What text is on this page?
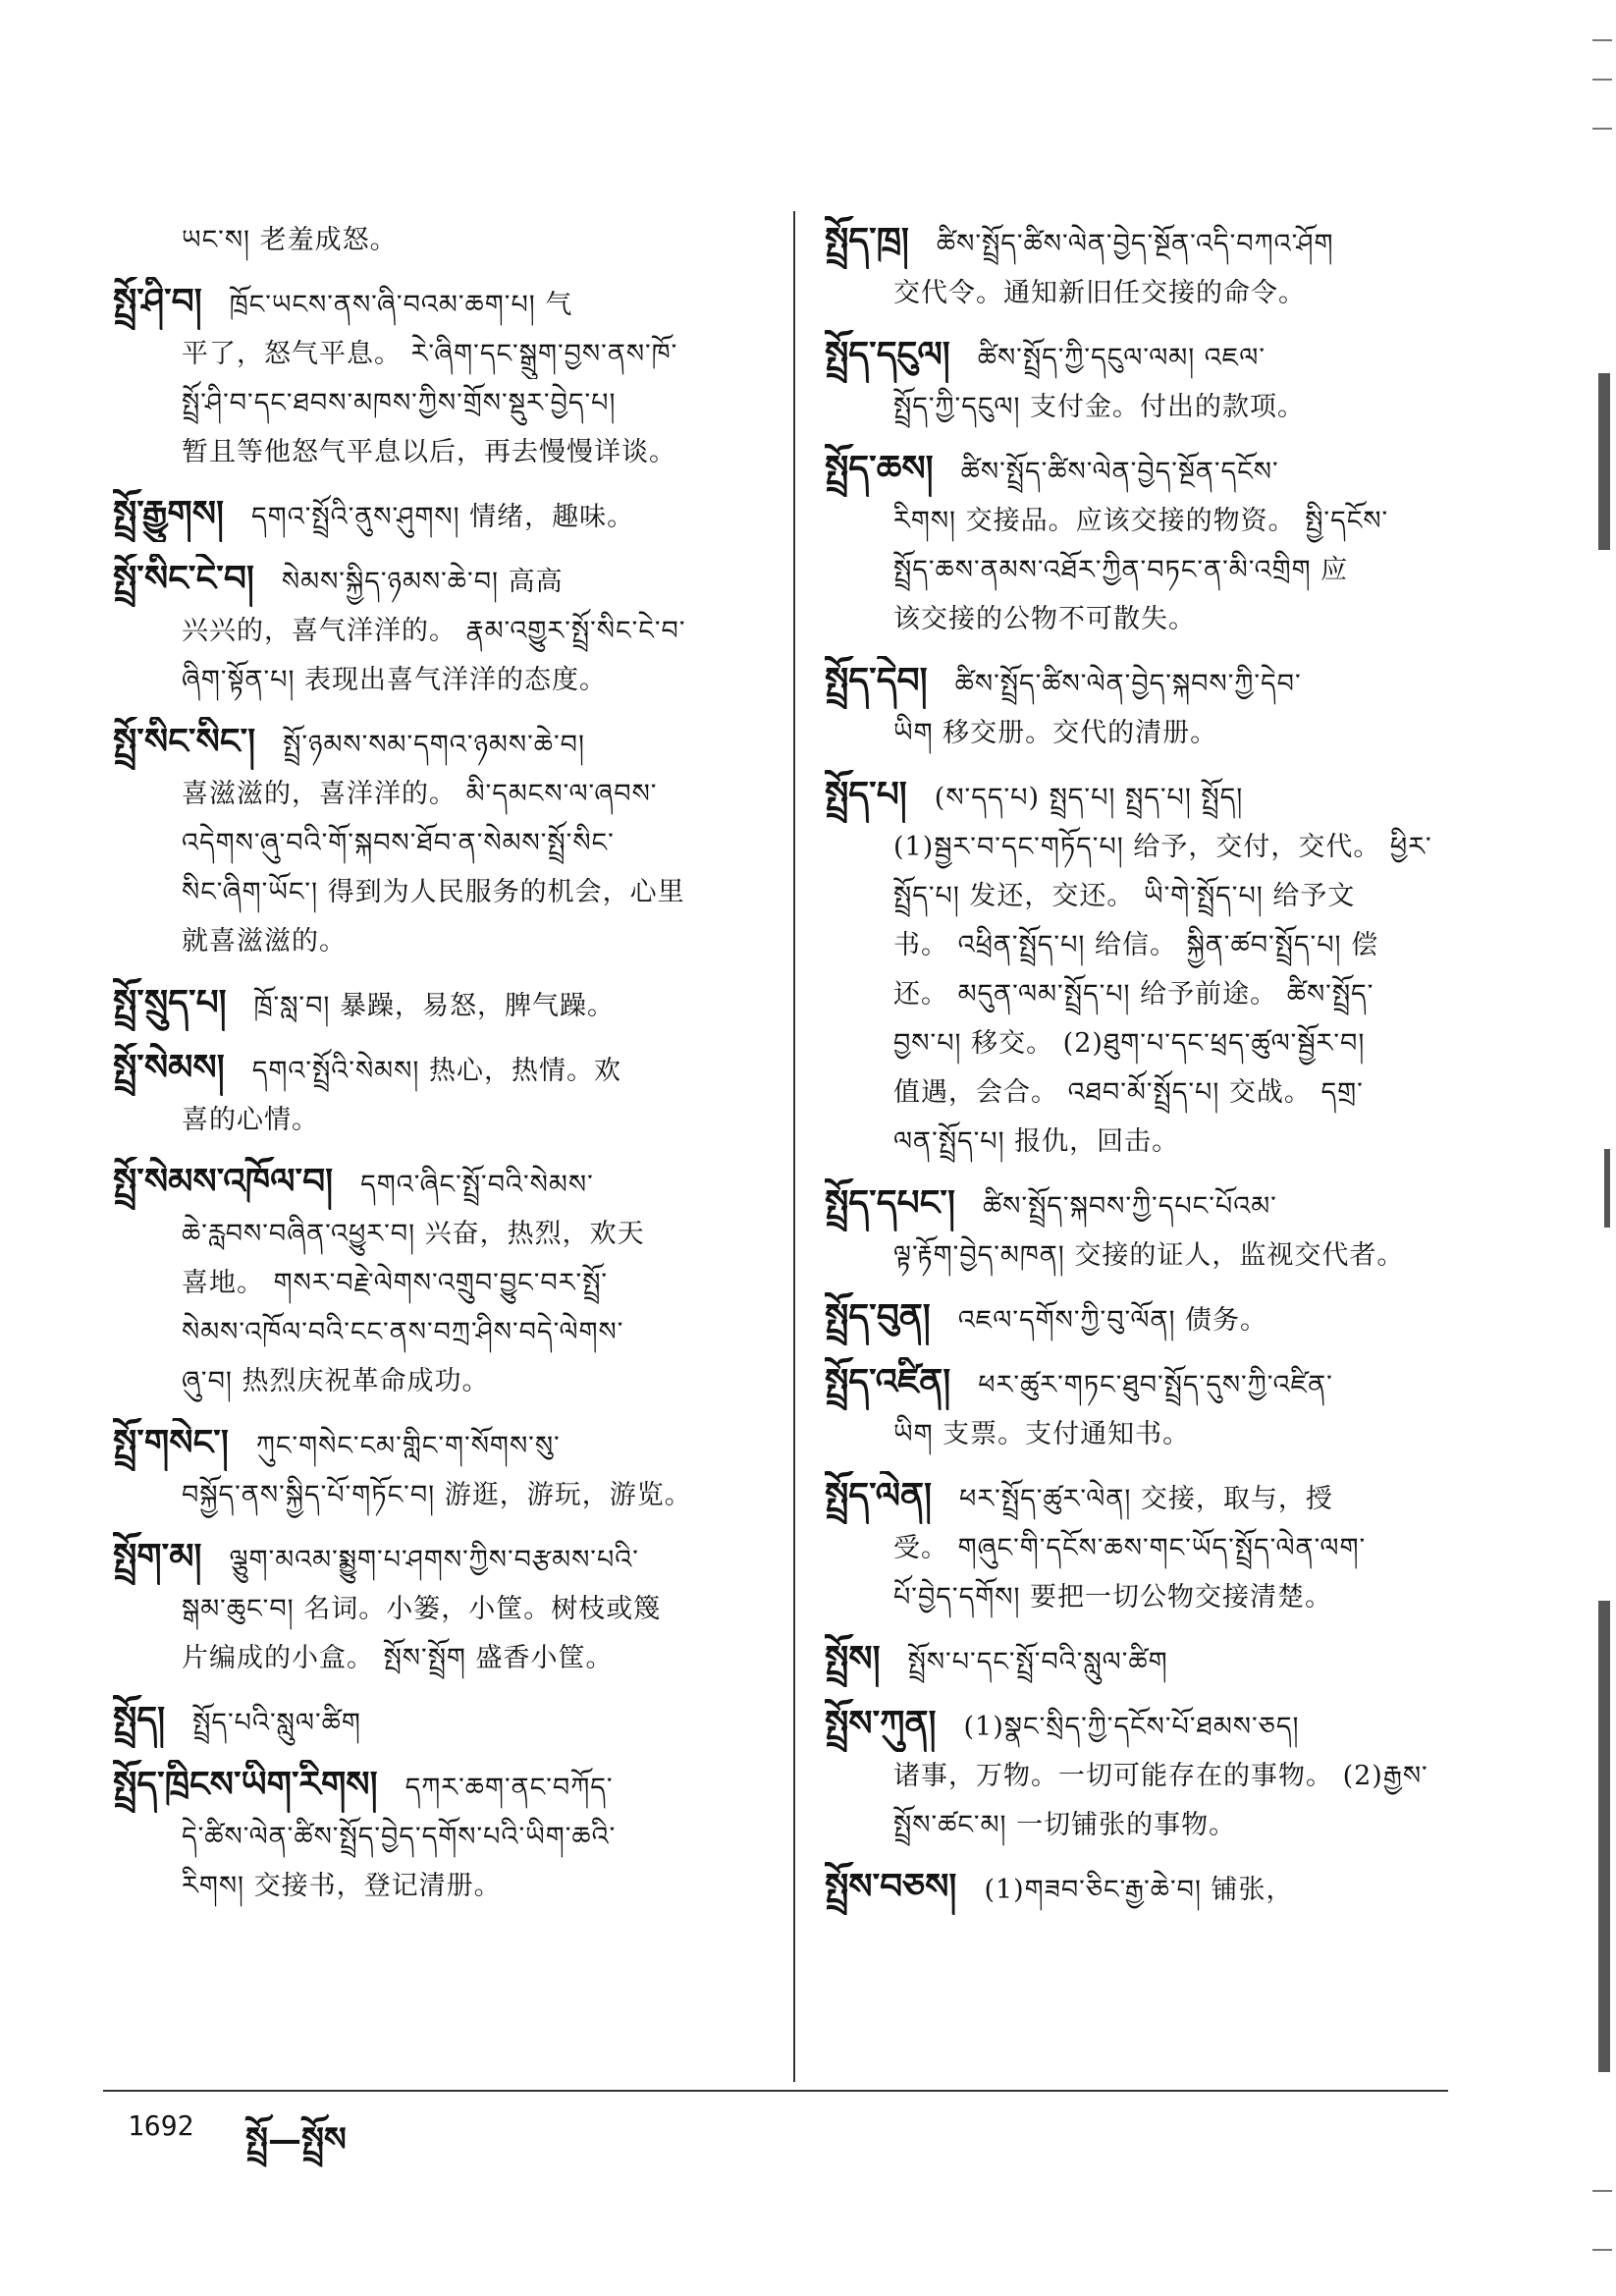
ཡང་ས། 老羞成怒。
སྤྲོ་ཤི་བ། ཁྲོང་ཡངས་ནས་ཞི་བའམ་ཆག་པ། 气
平了，怒气平息。 རེ་ཞིག་དང་སྒྲུག་བྱས་ནས་ཁོ་
སྤྲོ་ཤི་བ་དང་ཐབས་མཁས་ཀྱིས་གྲོས་སྡུར་བྱེད་པ།
暂且等他怒气平息以后，再去慢慢详谈。
སྤྲོ་རྒྱུགས། དགའ་སྤྲོའི་ནུས་ཤུགས། 情绪，趣味。
སྤྲོ་སིང་ངེ་བ། སེམས་སྐྱིད་ཉམས་ཆེ་བ། 高高
兴兴的，喜气洋洋的。 རྣམ་འགྱུར་སྤྲོ་སིང་ངེ་བ་
ཞིག་སྟོན་པ། 表现出喜气洋洋的态度。
སྤྲོ་སིང་སིང་། སྤྲོ་ཉམས་སམ་དགའ་ཉམས་ཆེ་བ།
喜滋滋的，喜洋洋的。 མི་དམངས་ལ་ཞབས་
འདེགས་ཞུ་བའི་གོ་སྐབས་ཐོབ་ན་སེམས་སྤྲོ་སིང་
སིང་ཞིག་ཡོང་། 得到为人民服务的机会，心里
就喜滋滋的。
སྤྲོ་སྲུད་པ། ཁྲོ་སླ་བ། 暴躁，易怒，脾气躁。
སྤྲོ་སེམས། དགའ་སྤྲོའི་སེམས། 热心，热情。欢
喜的心情。
སྤྲོ་སེམས་འཁོལ་བ། དགའ་ཞིང་སྤྲོ་བའི་སེམས་
ཆེ་རླབས་བཞིན་འཕྱུར་བ། 兴奋，热烈，欢天
喜地。 གསར་བརྗེ་ལེགས་འགྲུབ་བྱུང་བར་སྤྲོ་
སེམས་འཁོལ་བའི་ངང་ནས་བཀྲ་ཤིས་བདེ་ལེགས་
ཞུ་བ། 热烈庆祝革命成功。
སྤྲོ་གསེང་། ཀུང་གསེང་ངམ་གླིང་ག་སོགས་སུ་
བསྐྱོད་ནས་སྐྱིད་པོ་གཏོང་བ། 游逛，游玩，游览。
སྤྲོག་མ། ལྕུག་མའམ་སྨྱུག་པ་ཤགས་ཀྱིས་བརྩམས་པའི་
སྒམ་ཆུང་བ། 名词。小篓，小筐。树枝或篾
片编成的小盒。 སྤོས་སྤྲོག 盛香小筐。
སྤྲོད། སྤྲོད་པའི་སླུལ་ཚིག
སྤྲོད་ཁྲིངས་ཡིག་རིགས། དཀར་ཆག་ནང་བཀོད་
དེ་ཚིས་ལེན་ཚིས་སྤྲོད་བྱེད་དགོས་པའི་ཡིག་ཆའི་
རིགས། 交接书，登记清册。
སྤྲོད་ཁྲ། ཚིས་སྤྲོད་ཚིས་ལེན་བྱེད་སྔོན་འདི་བཀའ་ཤོག
交代令。通知新旧任交接的命令。
སྤྲོད་དངུལ། ཚིས་སྤྲོད་ཀྱི་དངུལ་ལམ། འཇལ་
སྤྲོད་ཀྱི་དངུལ། 支付金。付出的款项。
སྤྲོད་ཆས། ཚིས་སྤྲོད་ཚིས་ལེན་བྱེད་སྔོན་དངོས་
རིགས། 交接品。应该交接的物资。 སྤྱི་དངོས་
སྤྲོད་ཆས་ནམས་འཐོར་ཀྱིན་བཏང་ན་མི་འགྲིག 应
该交接的公物不可散失。
སྤྲོད་དེབ། ཚིས་སྤྲོད་ཚིས་ལེན་བྱེད་སྐབས་ཀྱི་དེབ་
ཡིག 移交册。交代的清册。
སྤྲོད་པ། (ས་དད་པ) སྤྲད་པ། སྤྲད་པ། སྤྲོད།
(1)སྦྱར་བ་དང་གཏོད་པ། 给予，交付，交代。 ཕྱིར་
སྤྲོད་པ། 发还，交还。 ཡི་གེ་སྤྲོད་པ། 给予文
书。 འཕྲིན་སྤྲོད་པ། 给信。 སྐྱིན་ཚབ་སྤྲོད་པ། 偿
还。 མདུན་ལམ་སྤྲོད་པ། 给予前途。 ཚིས་སྤྲོད་
བྱས་པ། 移交。 (2)ཐུག་པ་དང་ཕྲད་ཚུལ་སྦྱོར་བ།
值遇，会合。 འཐབ་མོ་སྤྲོད་པ། 交战。 དགྲ་
ལན་སྤྲོད་པ། 报仇，回击。
སྤྲོད་དཔང་། ཚིས་སྤྲོད་སྐབས་ཀྱི་དཔང་པོའམ་
ལྟ་རྟོག་བྱེད་མཁན། 交接的证人，监视交代者。
སྤྲོད་བུན། འཇལ་དགོས་ཀྱི་བུ་ལོན། 债务。
སྤྲོད་འཛིན། ཕར་ཚུར་གཏང་ཐུབ་སྤྲོད་དུས་ཀྱི་འཛིན་
ཡིག 支票。支付通知书。
སྤྲོད་ལེན། ཕར་སྤྲོད་ཚུར་ལེན། 交接，取与，授
受。 གཞུང་གི་དངོས་ཆས་གང་ཡོད་སྤྲོད་ལེན་ལག་
པོ་བྱེད་དགོས། 要把一切公物交接清楚。
སྤྲོས། སྤྲོས་པ་དང་སྤྲོ་བའི་སླུལ་ཚིག
སྤྲོས་ཀུན། (1)སྣང་སྲིད་ཀྱི་དངོས་པོ་ཐམས་ཅད།
诸事，万物。一切可能存在的事物。 (2)རྒྱས་
སྤྲོས་ཚང་མ། 一切铺张的事物。
སྤྲོས་བཅས། (1)གཟབ་ཅིང་རྒྱ་ཆེ་བ། 铺张，
1692 སྤྲོ—སྤྲོས
